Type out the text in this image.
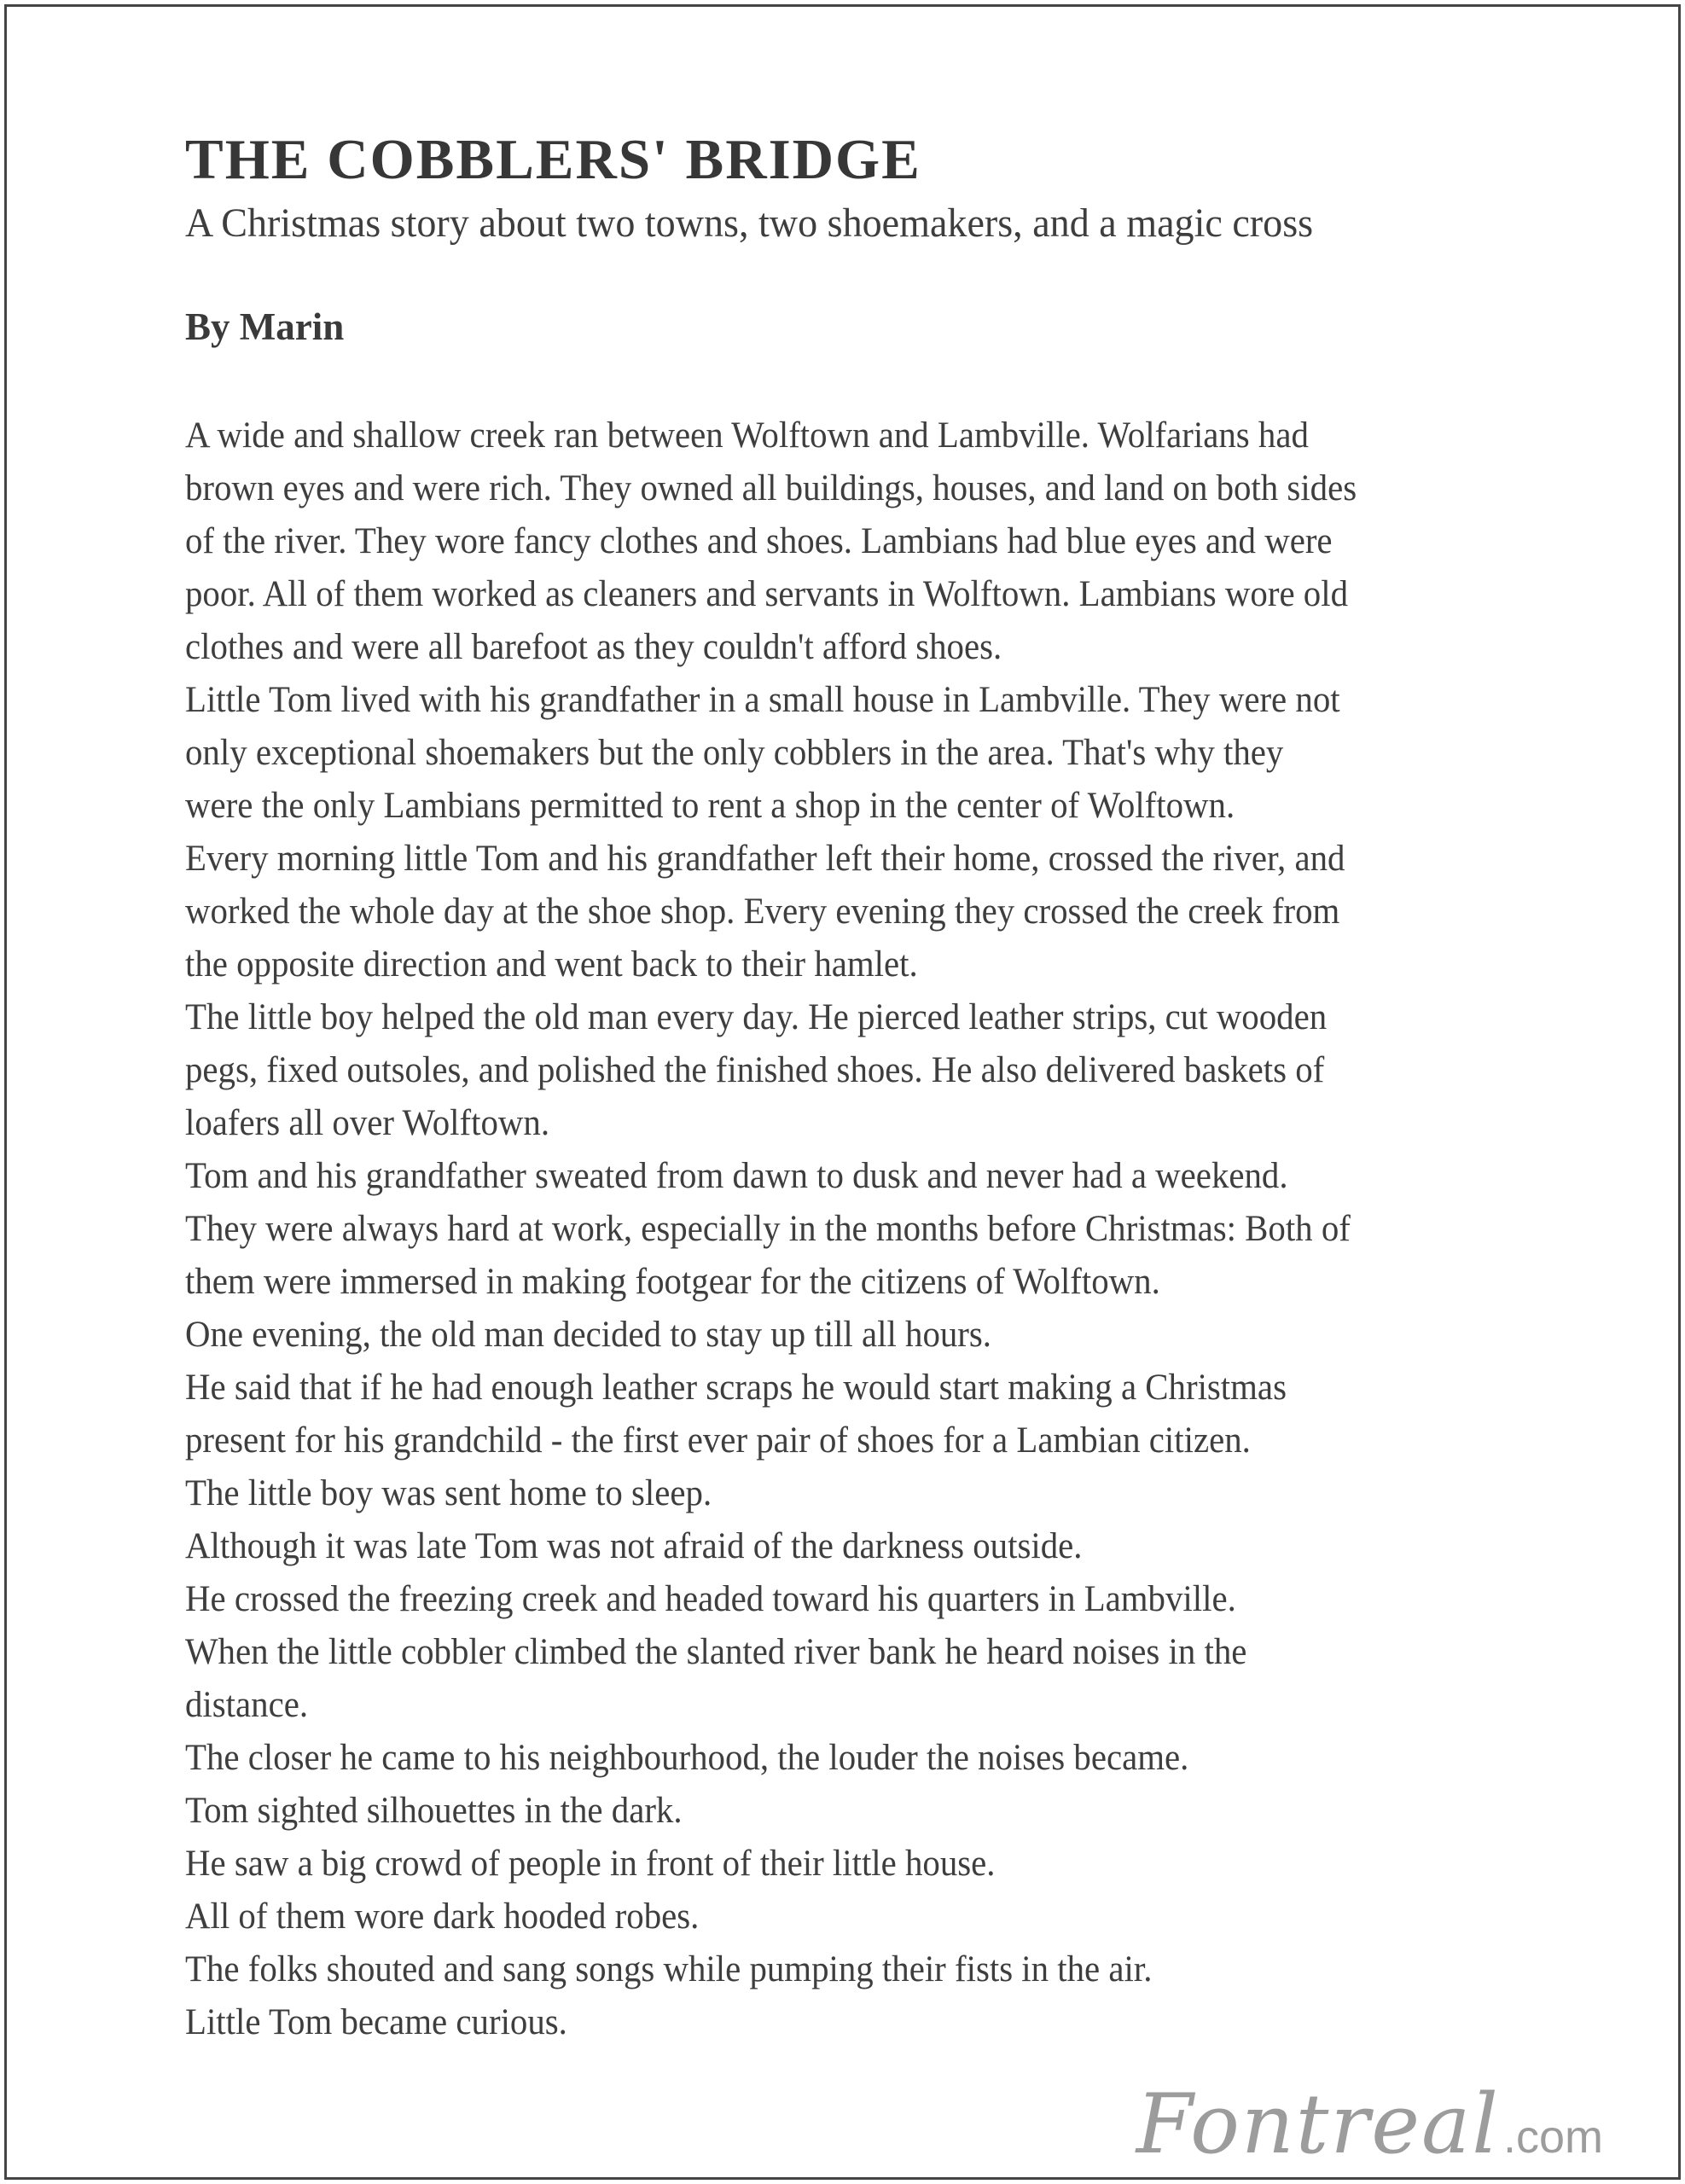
THE COBBLERS' BRIDGE

A Christmas story about two towns, two shoemakers, and a magic cross

By Marin

A wide and shallow creek ran between Wolftown and Lambville. Wolfarians had
brown eyes and were rich. They owned all buildings, houses, and land on both sides
of the river. They wore fancy clothes and shoes. Lambians had blue eyes and were
poor. All of them worked as cleaners and servants in Wolftown. Lambians wore old
clothes and were all barefoot as they couldn't afford shoes.
Little Tom lived with his grandfather in a small house in Lambville. They were not
only exceptional shoemakers but the only cobblers in the area. That's why they
were the only Lambians permitted to rent a shop in the center of Wolftown.
Every morning little Tom and his grandfather left their home, crossed the river, and
worked the whole day at the shoe shop. Every evening they crossed the creek from
the opposite direction and went back to their hamlet.
The little boy helped the old man every day. He pierced leather strips, cut wooden
pegs, fixed outsoles, and polished the finished shoes. He also delivered baskets of
loafers all over Wolftown.
Tom and his grandfather sweated from dawn to dusk and never had a weekend.
They were always hard at work, especially in the months before Christmas: Both of
them were immersed in making footgear for the citizens of Wolftown.
One evening, the old man decided to stay up till all hours.
He said that if he had enough leather scraps he would start making a Christmas
present for his grandchild - the first ever pair of shoes for a Lambian citizen.
The little boy was sent home to sleep.
Although it was late Tom was not afraid of the darkness outside.
He crossed the freezing creek and headed toward his quarters in Lambville.
When the little cobbler climbed the slanted river bank he heard noises in the
distance.
The closer he came to his neighbourhood, the louder the noises became.
Tom sighted silhouettes in the dark.
He saw a big crowd of people in front of their little house.
All of them wore dark hooded robes.
The folks shouted and sang songs while pumping their fists in the air.
Little Tom became curious.
Fontreal .com
